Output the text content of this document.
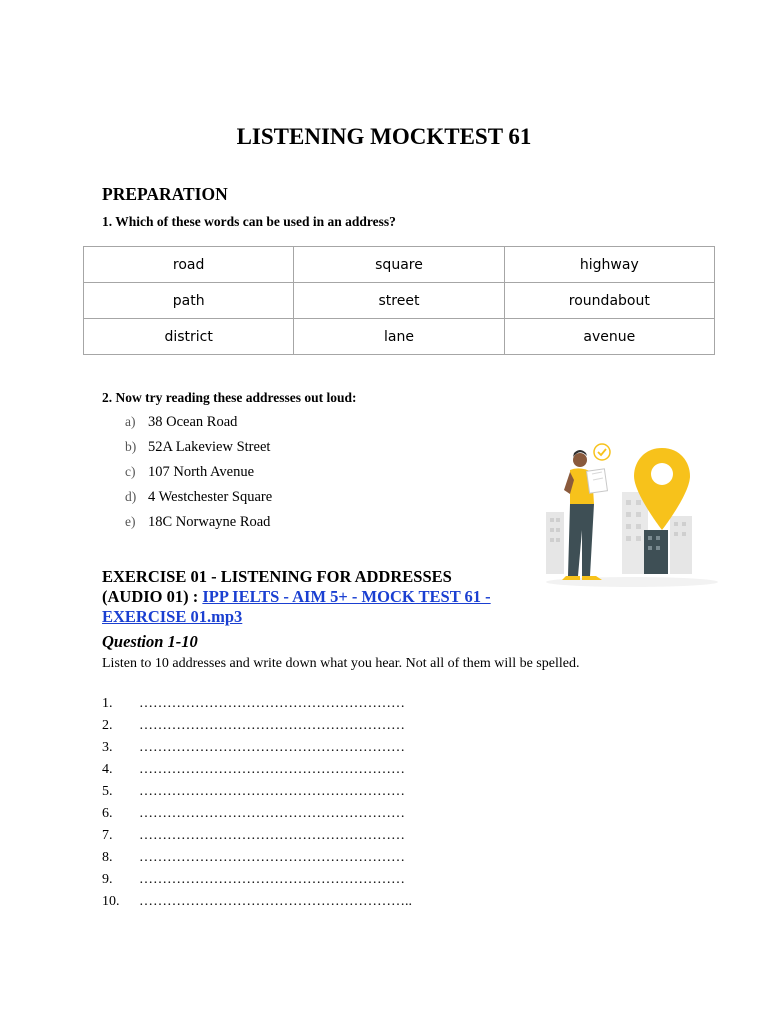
LISTENING MOCKTEST 61
PREPARATION
1. Which of these words can be used in an address?
road	square	highway
path	street	roundabout
district	lane	avenue
2. Now try reading these addresses out loud:
a) 38 Ocean Road
b) 52A Lakeview Street
c) 107 North Avenue
d) 4 Westchester Square
e) 18C Norwayne Road
EXERCISE 01 - LISTENING FOR ADDRESSES
(AUDIO 01) : IPP IELTS - AIM 5+ - MOCK TEST 61 - EXERCISE 01.mp3
Question 1-10
Listen to 10 addresses and write down what you hear. Not all of them will be spelled.
1. …………………………………………………
2. …………………………………………………
3. …………………………………………………
4. …………………………………………………
5. …………………………………………………
6. …………………………………………………
7. …………………………………………………
8. …………………………………………………
9. …………………………………………………
10. …………………………………………………..
